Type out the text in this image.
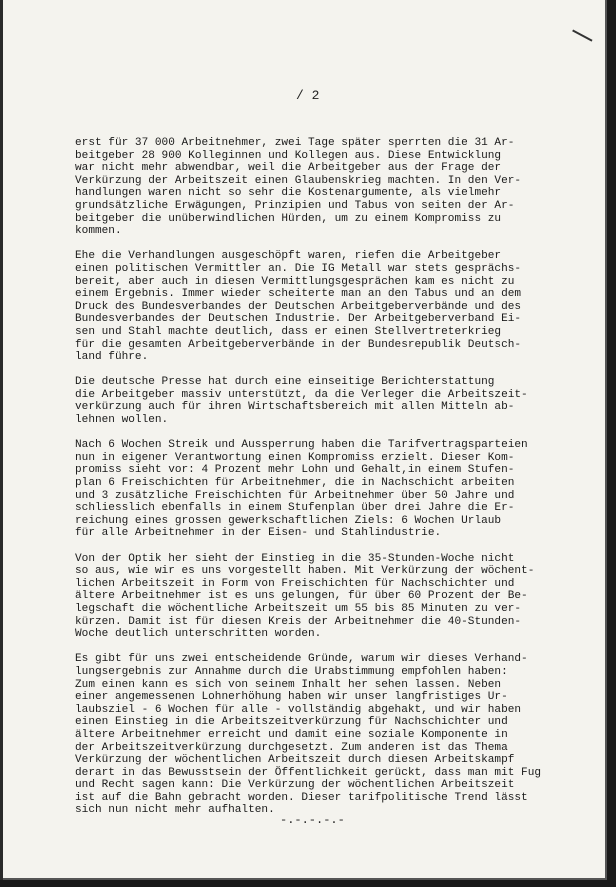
/ 2
erst für 37 000 Arbeitnehmer, zwei Tage später sperrten die 31 Ar-
beitgeber 28 900 Kolleginnen und Kollegen aus. Diese Entwicklung
war nicht mehr abwendbar, weil die Arbeitgeber aus der Frage der
Verkürzung der Arbeitszeit einen Glaubenskrieg machten. In den Ver-
handlungen waren nicht so sehr die Kostenargumente, als vielmehr
grundsätzliche Erwägungen, Prinzipien und Tabus von seiten der Ar-
beitgeber die unüberwindlichen Hürden, um zu einem Kompromiss zu
kommen.
Ehe die Verhandlungen ausgeschöpft waren, riefen die Arbeitgeber
einen politischen Vermittler an. Die IG Metall war stets gesprächs-
bereit, aber auch in diesen Vermittlungsgesprächen kam es nicht zu
einem Ergebnis. Immer wieder scheiterte man an den Tabus und an dem
Druck des Bundesverbandes der Deutschen Arbeitgeberverbände und des
Bundesverbandes der Deutschen Industrie. Der Arbeitgeberverband Ei-
sen und Stahl machte deutlich, dass er einen Stellvertreterkrieg
für die gesamten Arbeitgeberverbände in der Bundesrepublik Deutsch-
land führe.
Die deutsche Presse hat durch eine einseitige Berichterstattung
die Arbeitgeber massiv unterstützt, da die Verleger die Arbeitszeit-
verkürzung auch für ihren Wirtschaftsbereich mit allen Mitteln ab-
lehnen wollen.
Nach 6 Wochen Streik und Aussperrung haben die Tarifvertragsparteien
nun in eigener Verantwortung einen Kompromiss erzielt. Dieser Kom-
promiss sieht vor: 4 Prozent mehr Lohn und Gehalt,in einem Stufen-
plan 6 Freischichten für Arbeitnehmer, die in Nachschicht arbeiten
und 3 zusätzliche Freischichten für Arbeitnehmer über 50 Jahre und
schliesslich ebenfalls in einem Stufenplan über drei Jahre die Er-
reichung eines grossen gewerkschaftlichen Ziels: 6 Wochen Urlaub
für alle Arbeitnehmer in der Eisen- und Stahlindustrie.
Von der Optik her sieht der Einstieg in die 35-Stunden-Woche nicht
so aus, wie wir es uns vorgestellt haben. Mit Verkürzung der wöchent-
lichen Arbeitszeit in Form von Freischichten für Nachschichter und
ältere Arbeitnehmer ist es uns gelungen, für über 60 Prozent der Be-
legschaft die wöchentliche Arbeitszeit um 55 bis 85 Minuten zu ver-
kürzen. Damit ist für diesen Kreis der Arbeitnehmer die 40-Stunden-
Woche deutlich unterschritten worden.
Es gibt für uns zwei entscheidende Gründe, warum wir dieses Verhand-
lungsergebnis zur Annahme durch die Urabstimmung empfohlen haben:
Zum einen kann es sich von seinem Inhalt her sehen lassen. Neben
einer angemessenen Lohnerhöhung haben wir unser langfristiges Ur-
laubsziel - 6 Wochen für alle - vollständig abgehakt, und wir haben
einen Einstieg in die Arbeitszeitverkürzung für Nachschichter und
ältere Arbeitnehmer erreicht und damit eine soziale Komponente in
der Arbeitszeitverkürzung durchgesetzt. Zum anderen ist das Thema
Verkürzung der wöchentlichen Arbeitszeit durch diesen Arbeitskampf
derart in das Bewusstsein der Öffentlichkeit gerückt, dass man mit Fug
und Recht sagen kann: Die Verkürzung der wöchentlichen Arbeitszeit
ist auf die Bahn gebracht worden. Dieser tarifpolitische Trend lässt
sich nun nicht mehr aufhalten.
-.-.-.-.-
